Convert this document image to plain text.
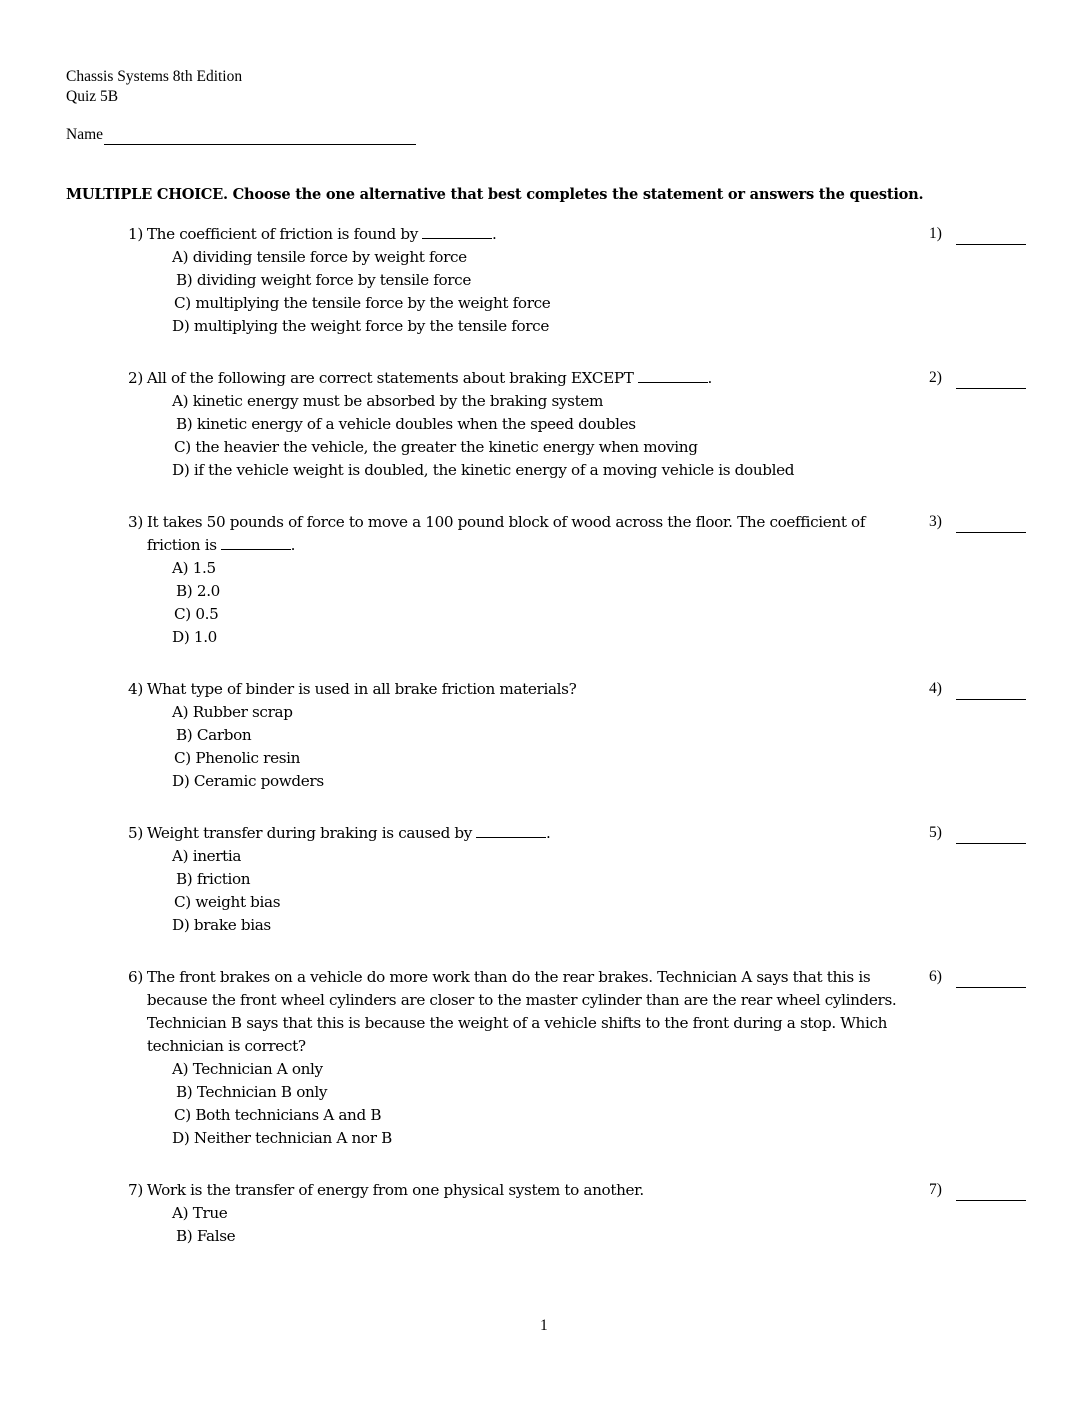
Chassis Systems 8th Edition
Quiz 5B
Name
MULTIPLE CHOICE. Choose the one alternative that best completes the statement or answers the question.
1) The coefficient of friction is found by	.
A) dividing tensile force by weight force
B) dividing weight force by tensile force
C) multiplying the tensile force by the weight force
D) multiplying the weight force by the tensile force
1)
2) All of the following are correct statements about braking EXCEPT	.
A) kinetic energy must be absorbed by the braking system
B) kinetic energy of a vehicle doubles when the speed doubles
C) the heavier the vehicle, the greater the kinetic energy when moving
D) if the vehicle weight is doubled, the kinetic energy of a moving vehicle is doubled
2)
3) It takes 50 pounds of force to move a 100 pound block of wood across the floor. The coefficient of friction is	.
A) 1.5
B) 2.0
C) 0.5
D) 1.0
3)
4) What type of binder is used in all brake friction materials?
A) Rubber scrap
B) Carbon
C) Phenolic resin
D) Ceramic powders
4)
5) Weight transfer during braking is caused by	.
A) inertia
B) friction
C) weight bias
D) brake bias
5)
6) The front brakes on a vehicle do more work than do the rear brakes. Technician A says that this is because the front wheel cylinders are closer to the master cylinder than are the rear wheel cylinders. Technician B says that this is because the weight of a vehicle shifts to the front during a stop. Which technician is correct?
A) Technician A only
B) Technician B only
C) Both technicians A and B
D) Neither technician A nor B
6)
7) Work is the transfer of energy from one physical system to another.
A) True
B) False
7)
1
